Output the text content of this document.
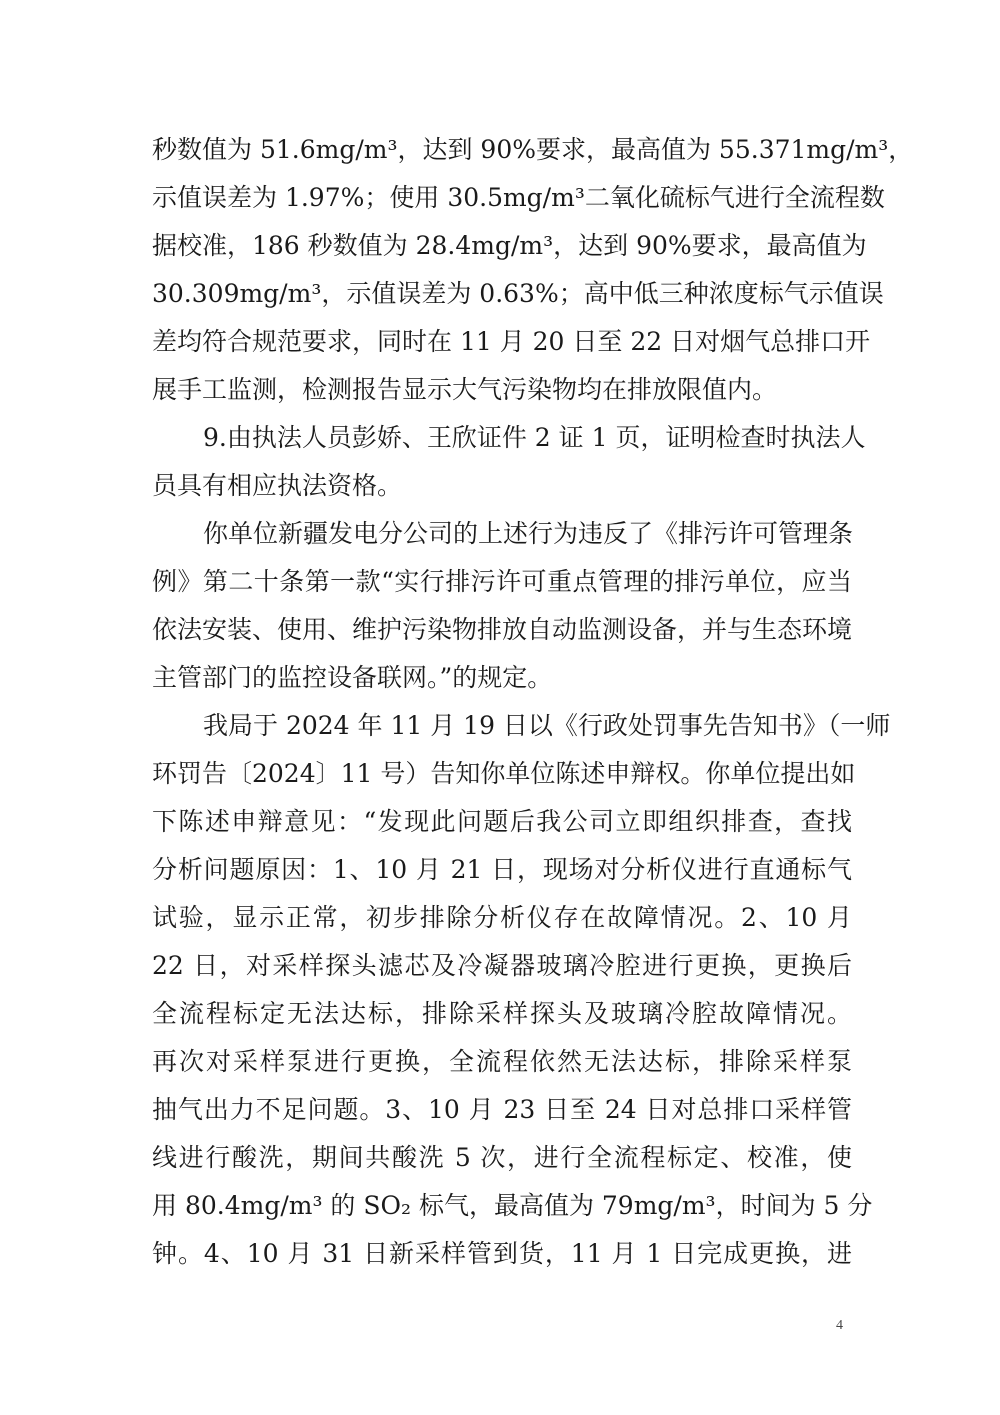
秒数值为 51.6mg/m³，达到 90%要求，最高值为 55.371mg/m³，
示值误差为 1.97%；使用 30.5mg/m³二氧化硫标气进行全流程数
据校准，186 秒数值为 28.4mg/m³，达到 90%要求，最高值为
30.309mg/m³，示值误差为 0.63%；高中低三种浓度标气示值误
差均符合规范要求，同时在 11 月 20 日至 22 日对烟气总排口开
展手工监测，检测报告显示大气污染物均在排放限值内。
9.由执法人员彭娇、王欣证件 2 证 1 页，证明检查时执法人
员具有相应执法资格。
你单位新疆发电分公司的上述行为违反了《排污许可管理条
例》第二十条第一款“实行排污许可重点管理的排污单位，应当
依法安装、使用、维护污染物排放自动监测设备，并与生态环境
主管部门的监控设备联网。”的规定。
我局于 2024 年 11 月 19 日以《行政处罚事先告知书》（一师
环罚告〔2024〕11 号）告知你单位陈述申辩权。你单位提出如
下陈述申辩意见：“发现此问题后我公司立即组织排查，查找
分析问题原因：1、10 月 21 日，现场对分析仪进行直通标气
试验，显示正常，初步排除分析仪存在故障情况。2、10 月
22 日，对采样探头滤芯及冷凝器玻璃冷腔进行更换，更换后
全流程标定无法达标，排除采样探头及玻璃冷腔故障情况。
再次对采样泵进行更换，全流程依然无法达标，排除采样泵
抽气出力不足问题。3、10 月 23 日至 24 日对总排口采样管
线进行酸洗，期间共酸洗 5 次，进行全流程标定、校准，使
用 80.4mg/m³ 的 SO₂ 标气，最高值为 79mg/m³，时间为 5 分
钟。4、10 月 31 日新采样管到货，11 月 1 日完成更换，进
4
